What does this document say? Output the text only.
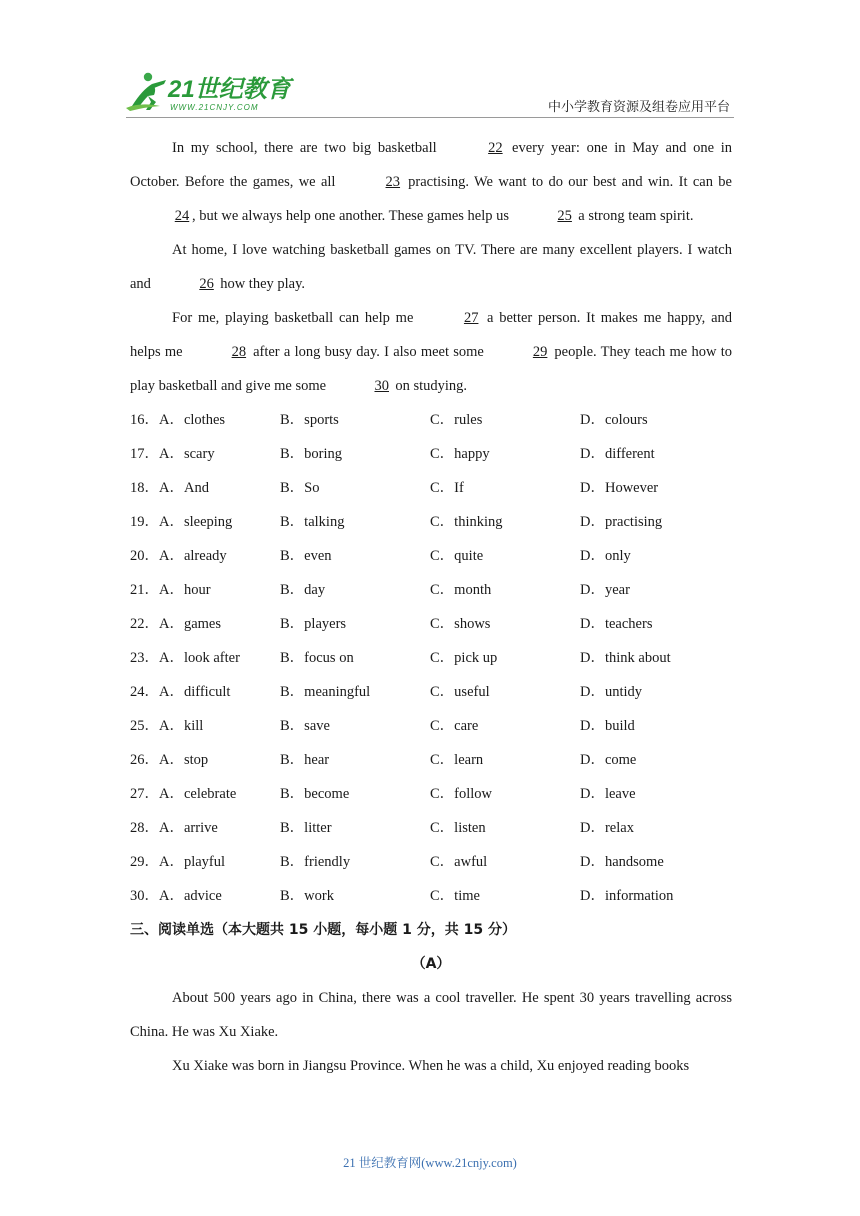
21世纪教育
WWW.21CNJY.COM	中小学教育资源及组卷应用平台

In my school, there are two big basketball	22 every year: one in May and one in October. Before the games, we all	23 practising. We want to do our best and win. It can be 24 , but we always help one another. These games help us	25 a strong team spirit.

At home, I love watching basketball games on TV. There are many excellent players. I watch and	26 how they play.

For me, playing basketball can help me	27 a better person. It makes me happy, and helps me	28 after a long busy day. I also meet some	29 people. They teach me how to play basketball and give me some	30 on studying.

16．A．clothes	B．sports	C．rules	D．colours
17．A．scary	B．boring	C．happy	D．different
18．A．And	B．So	C．If	D．However
19．A．sleeping	B．talking	C．thinking	D．practising
20．A．already	B．even	C．quite	D．only
21．A．hour	B．day	C．month	D．year
22．A．games	B．players	C．shows	D．teachers
23．A．look after	B．focus on	C．pick up	D．think about
24．A．difficult	B．meaningful	C．useful	D．untidy
25．A．kill	B．save	C．care	D．build
26．A．stop	B．hear	C．learn	D．come
27．A．celebrate	B．become	C．follow	D．leave
28．A．arrive	B．litter	C．listen	D．relax
29．A．playful	B．friendly	C．awful	D．handsome
30．A．advice	B．work	C．time	D．information
三、阅读单选（本大题共 15 小题，每小题 1 分，共 15 分）
（A）

About 500 years ago in China, there was a cool traveller. He spent 30 years travelling across China. He was Xu Xiake.

Xu Xiake was born in Jiangsu Province. When he was a child, Xu enjoyed reading books

21 世纪教育网(www.21cnjy.com)
